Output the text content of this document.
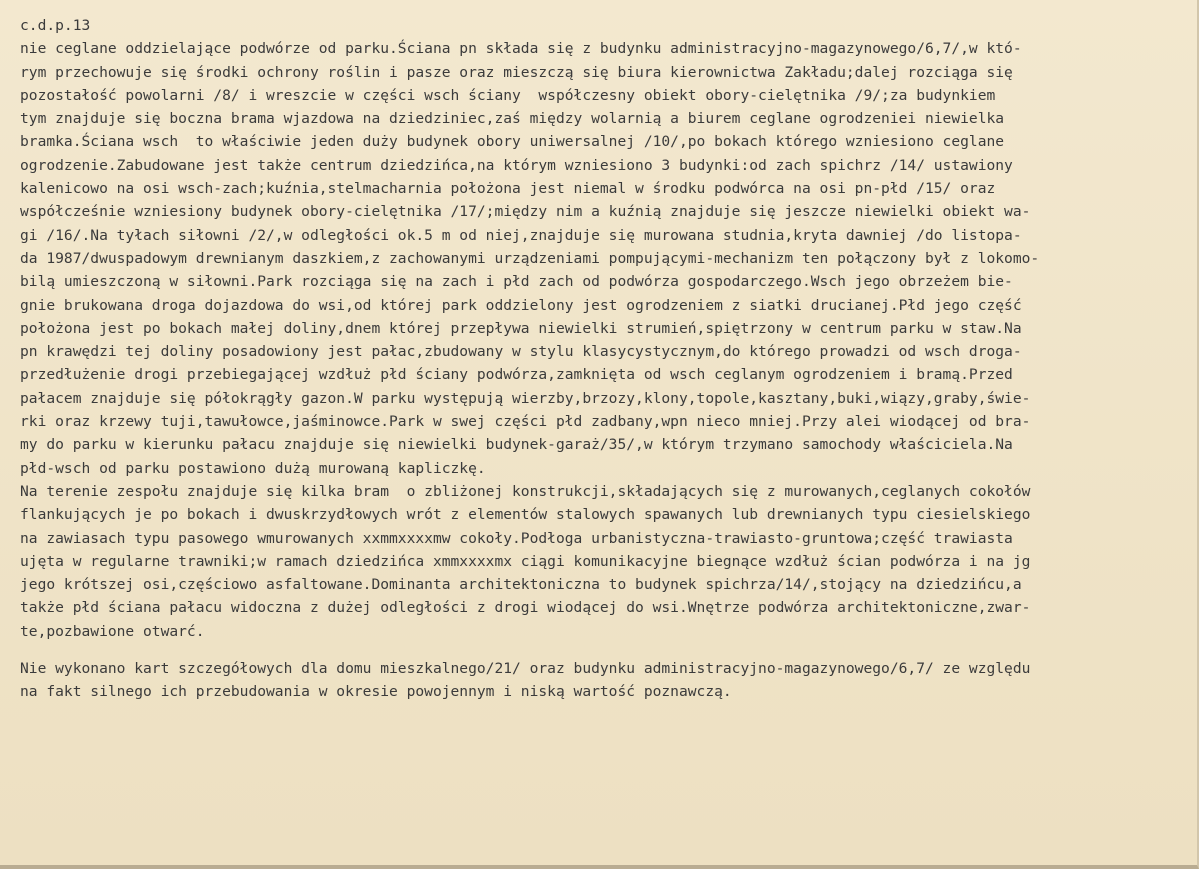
c.d.p.13
nie ceglane oddzielające podwórze od parku.Ściana pn składa się z budynku administracyjno-magazynowego/6,7/,w któ-
rym przechowuje się środki ochrony roślin i pasze oraz mieszczą się biura kierownictwa Zakładu;dalej rozciąga się
pozostałość powolarni /8/ i wreszcie w części wsch ściany  współczesny obiekt obory-cielętnika /9/;za budynkiem
tym znajduje się boczna brama wjazdowa na dziedziniec,zaś między wolarnią a biurem ceglane ogrodzeniei niewielka
bramka.Ściana wsch  to właściwie jeden duży budynek obory uniwersalnej /10/,po bokach którego wzniesiono ceglane
ogrodzenie.Zabudowane jest także centrum dziedzińca,na którym wzniesiono 3 budynki:od zach spichrz /14/ ustawiony
kalenicowo na osi wsch-zach;kuźnia,stelmacharnia położona jest niemal w środku podwórca na osi pn-płd /15/ oraz
współcześnie wzniesiony budynek obory-cielętnika /17/;między nim a kuźnią znajduje się jeszcze niewielki obiekt wa-
gi /16/.Na tyłach siłowni /2/,w odległości ok.5 m od niej,znajduje się murowana studnia,kryta dawniej /do listopa-
da 1987/dwuspadowym drewnianym daszkiem,z zachowanymi urządzeniami pompującymi-mechanizm ten połączony był z lokomo-
bilą umieszczoną w siłowni.Park rozciąga się na zach i płd zach od podwórza gospodarczego.Wsch jego obrzeżem bie-
gnie brukowana droga dojazdowa do wsi,od której park oddzielony jest ogrodzeniem z siatki drucianej.Płd jego część
położona jest po bokach małej doliny,dnem której przepływa niewielki strumień,spiętrzony w centrum parku w staw.Na
pn krawędzi tej doliny posadowiony jest pałac,zbudowany w stylu klasycystycznym,do którego prowadzi od wsch droga-
przedłużenie drogi przebiegającej wzdłuż płd ściany podwórza,zamknięta od wsch ceglanym ogrodzeniem i bramą.Przed
pałacem znajduje się półokrągły gazon.W parku występują wierzby,brzozy,klony,topole,kasztany,buki,wiązy,graby,świe-
rki oraz krzewy tuji,tawułowce,jaśminowce.Park w swej części płd zadbany,wpn nieco mniej.Przy alei wiodącej od bra-
my do parku w kierunku pałacu znajduje się niewielki budynek-garaż/35/,w którym trzymano samochody właściciela.Na
płd-wsch od parku postawiono dużą murowaną kapliczkę.
Na terenie zespołu znajduje się kilka bram  o zbliżonej konstrukcji,składających się z murowanych,ceglanych cokołów
flankujących je po bokach i dwuskrzydłowych wrót z elementów stalowych spawanych lub drewnianych typu ciesielskiego
na zawiasach typu pasowego wmurowanych xxmmxxxxmw cokoły.Podłoga urbanistyczna-trawiasto-gruntowa;część trawiasta
ujęta w regularne trawniki;w ramach dziedzińca xmmxxxxmx ciągi komunikacyjne biegnące wzdłuż ścian podwórza i na jg
jego krótszej osi,częściowo asfaltowane.Dominanta architektoniczna to budynek spichrza/14/,stojący na dziedzińcu,a
także płd ściana pałacu widoczna z dużej odległości z drogi wiodącej do wsi.Wnętrze podwórza architektoniczne,zwar-
te,pozbawione otwarć.
Nie wykonano kart szczegółowych dla domu mieszkalnego/21/ oraz budynku administracyjno-magazynowego/6,7/ ze względu
na fakt silnego ich przebudowania w okresie powojennym i niską wartość poznawczą.
